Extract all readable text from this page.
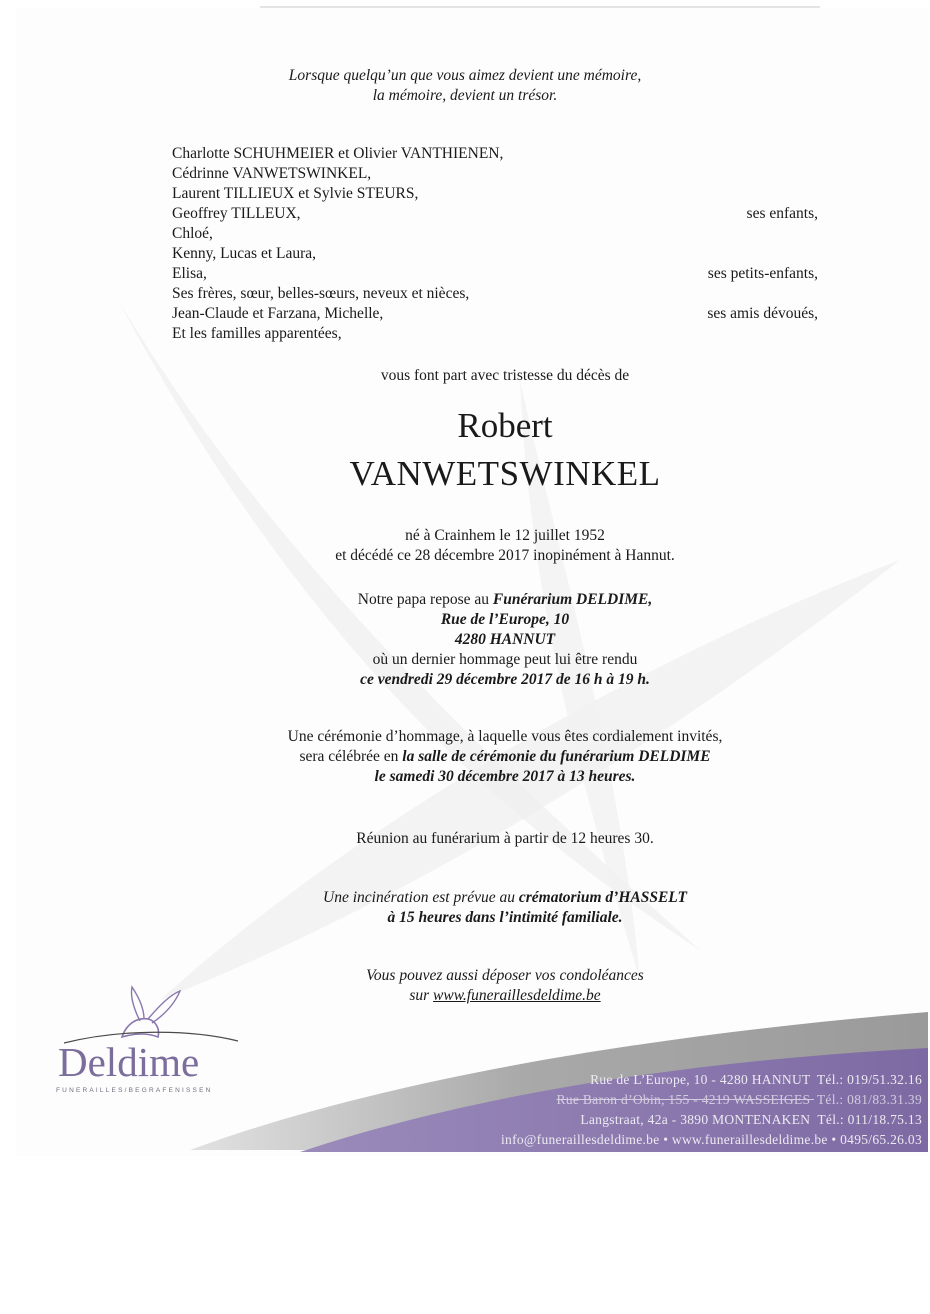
Lorsque quelqu’un que vous aimez devient une mémoire,
la mémoire, devient un trésor.
Charlotte SCHUHMEIER et Olivier VANTHIENEN,
Cédrinne VANWETSWINKEL,
Laurent TILLIEUX et Sylvie STEURS,
Geoffrey TILLEUX,
Chloé,
Kenny, Lucas et Laura,
Elisa,
Ses frères, sœur, belles-sœurs, neveux et nièces,
Jean-Claude et Farzana, Michelle,
Et les familles apparentées,
ses enfants,
ses petits-enfants,
ses amis dévoués,
vous font part avec tristesse du décès de
Robert
VANWETSWINKEL
né à Crainhem le 12 juillet 1952
et décédé ce 28 décembre 2017 inopinément à Hannut.
Notre papa repose au Funérarium DELDIME,
Rue de l’Europe, 10
4280 HANNUT
où un dernier hommage peut lui être rendu
ce vendredi 29 décembre 2017 de 16 h à 19 h.
Une cérémonie d’hommage, à laquelle vous êtes cordialement invités,
sera célébrée en la salle de cérémonie du funérarium DELDIME
le samedi 30 décembre 2017 à 13 heures.
Réunion au funérarium à partir de 12 heures 30.
Une incinération est prévue au crématorium d’HASSELT
à 15 heures dans l’intimité familiale.
Vous pouvez aussi déposer vos condoléances
sur www.funeraillesdeldime.be
Rue de L’Europe, 10 - 4280 HANNUT Tél.: 019/51.32.16
Rue Baron d’Obin, 155 - 4219 WASSEIGES Tél.: 081/83.31.39
Langstraat, 42a - 3890 MONTENAKEN Tél.: 011/18.75.13
info@funeraillesdeldime.be • www.funeraillesdeldime.be • 0495/65.26.03
Deldime
FUNERAILLES/BEGRAFENISSEN
